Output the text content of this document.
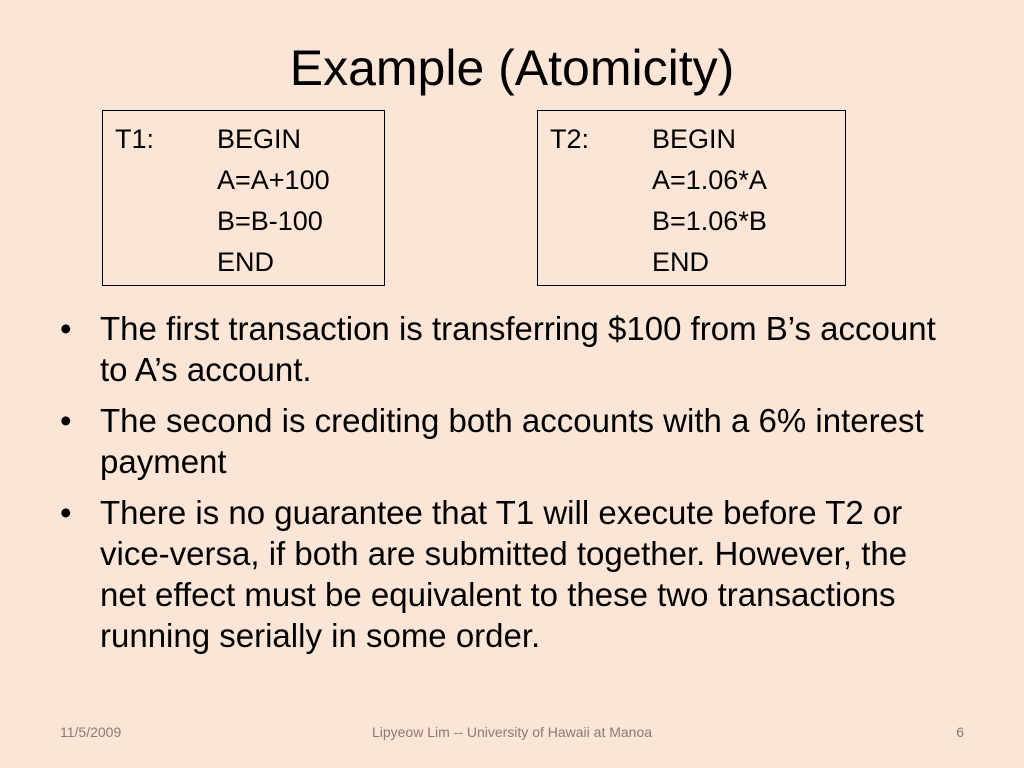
Example (Atomicity)
T1: BEGIN
A=A+100
B=B-100
END
T2: BEGIN
A=1.06*A
B=1.06*B
END
• The first transaction is transferring $100 from B’s account to A’s account.
• The second is crediting both accounts with a 6% interest payment
• There is no guarantee that T1 will execute before T2 or vice-versa, if both are submitted together. However, the net effect must be equivalent to these two transactions running serially in some order.
11/5/2009	Lipyeow Lim -- University of Hawaii at Manoa	6
